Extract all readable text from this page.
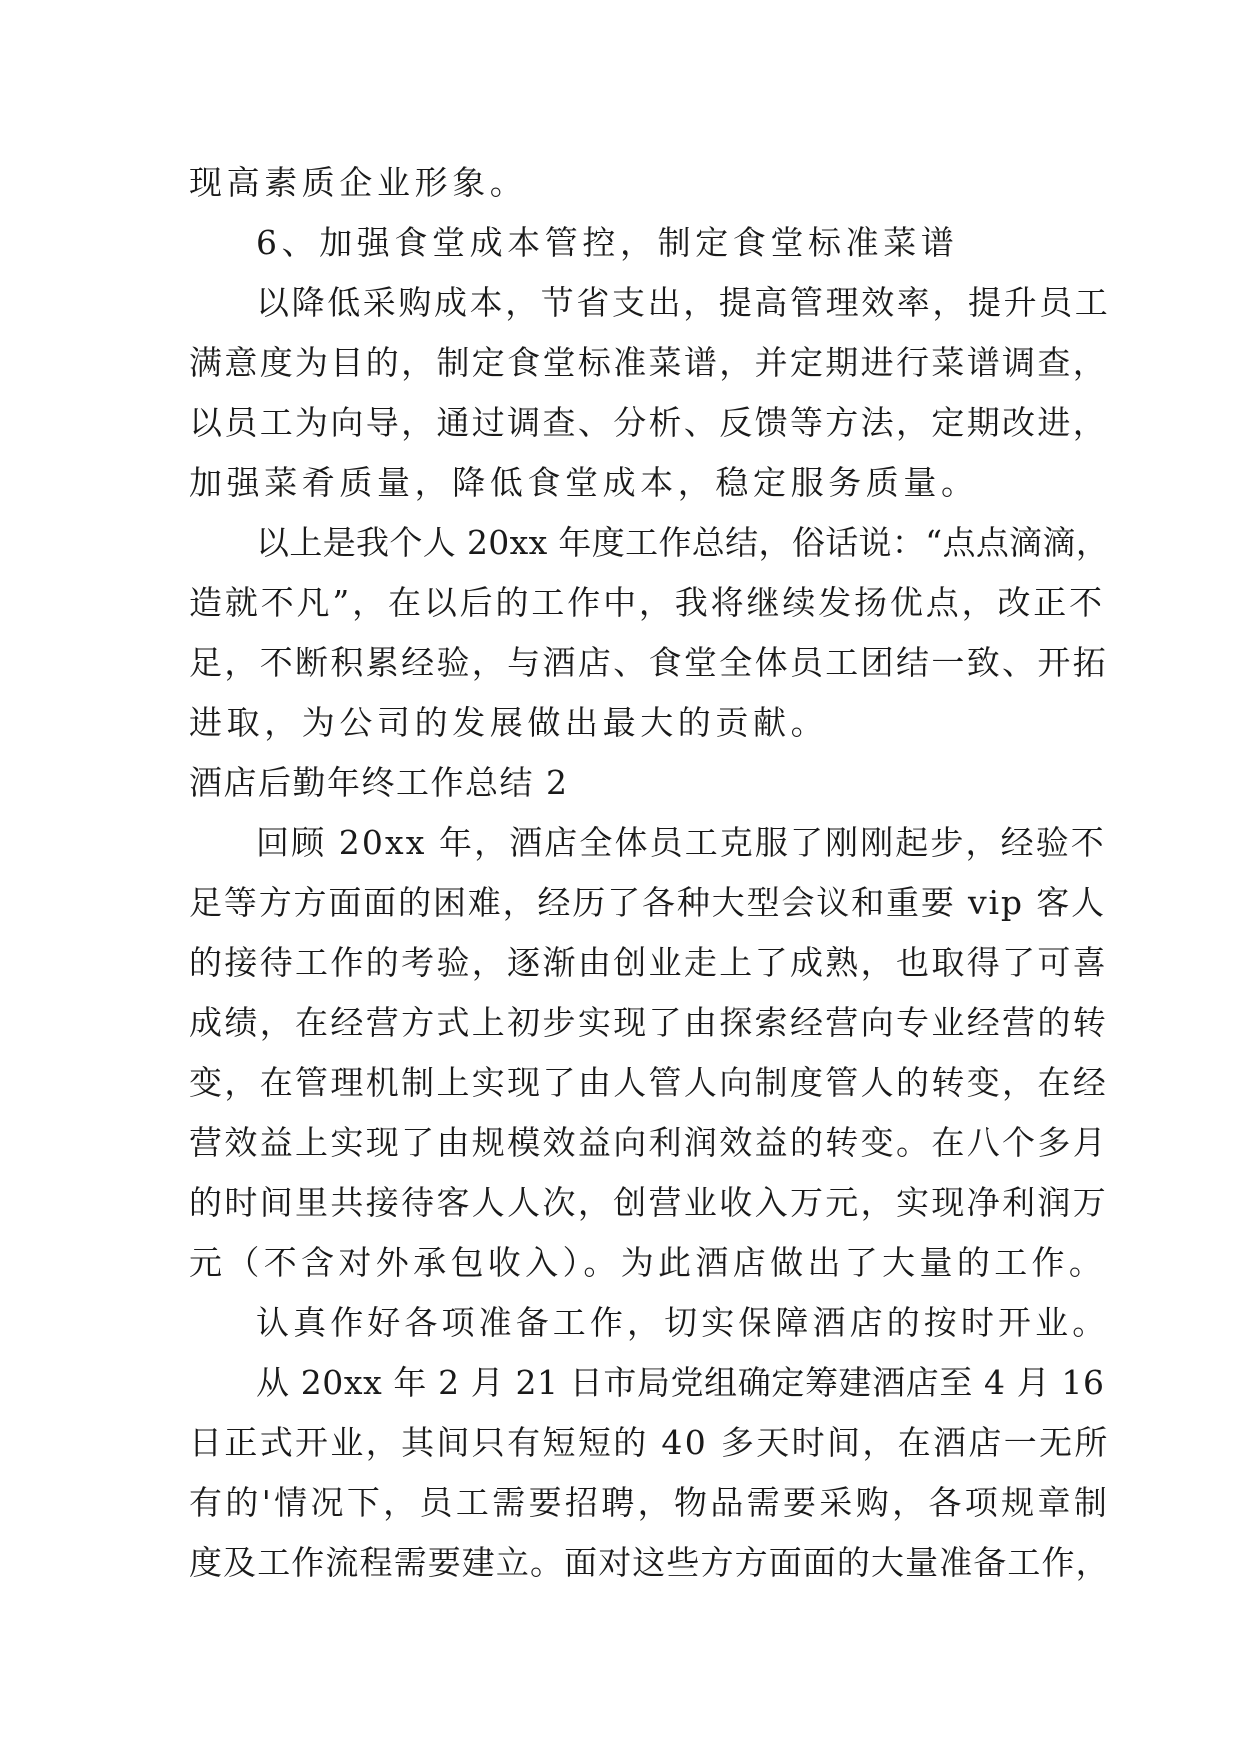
现高素质企业形象。
6、加强食堂成本管控，制定食堂标准菜谱
以降低采购成本，节省支出，提高管理效率，提升员工
满意度为目的，制定食堂标准菜谱，并定期进行菜谱调查，
以员工为向导，通过调查、分析、反馈等方法，定期改进，
加强菜肴质量，降低食堂成本，稳定服务质量。
以上是我个人 20xx 年度工作总结，俗话说：“点点滴滴，
造就不凡”，在以后的工作中，我将继续发扬优点，改正不
足，不断积累经验，与酒店、食堂全体员工团结一致、开拓
进取，为公司的发展做出最大的贡献。
酒店后勤年终工作总结 2
回顾 20xx 年，酒店全体员工克服了刚刚起步，经验不
足等方方面面的困难，经历了各种大型会议和重要 vip 客人
的接待工作的考验，逐渐由创业走上了成熟，也取得了可喜
成绩，在经营方式上初步实现了由探索经营向专业经营的转
变，在管理机制上实现了由人管人向制度管人的转变，在经
营效益上实现了由规模效益向利润效益的转变。在八个多月
的时间里共接待客人人次，创营业收入万元，实现净利润万
元（不含对外承包收入）。为此酒店做出了大量的工作。
认真作好各项准备工作，切实保障酒店的按时开业。
从 20xx 年 2 月 21 日市局党组确定筹建酒店至 4 月 16
日正式开业，其间只有短短的 40 多天时间，在酒店一无所
有的'情况下，员工需要招聘，物品需要采购，各项规章制
度及工作流程需要建立。面对这些方方面面的大量准备工作，
